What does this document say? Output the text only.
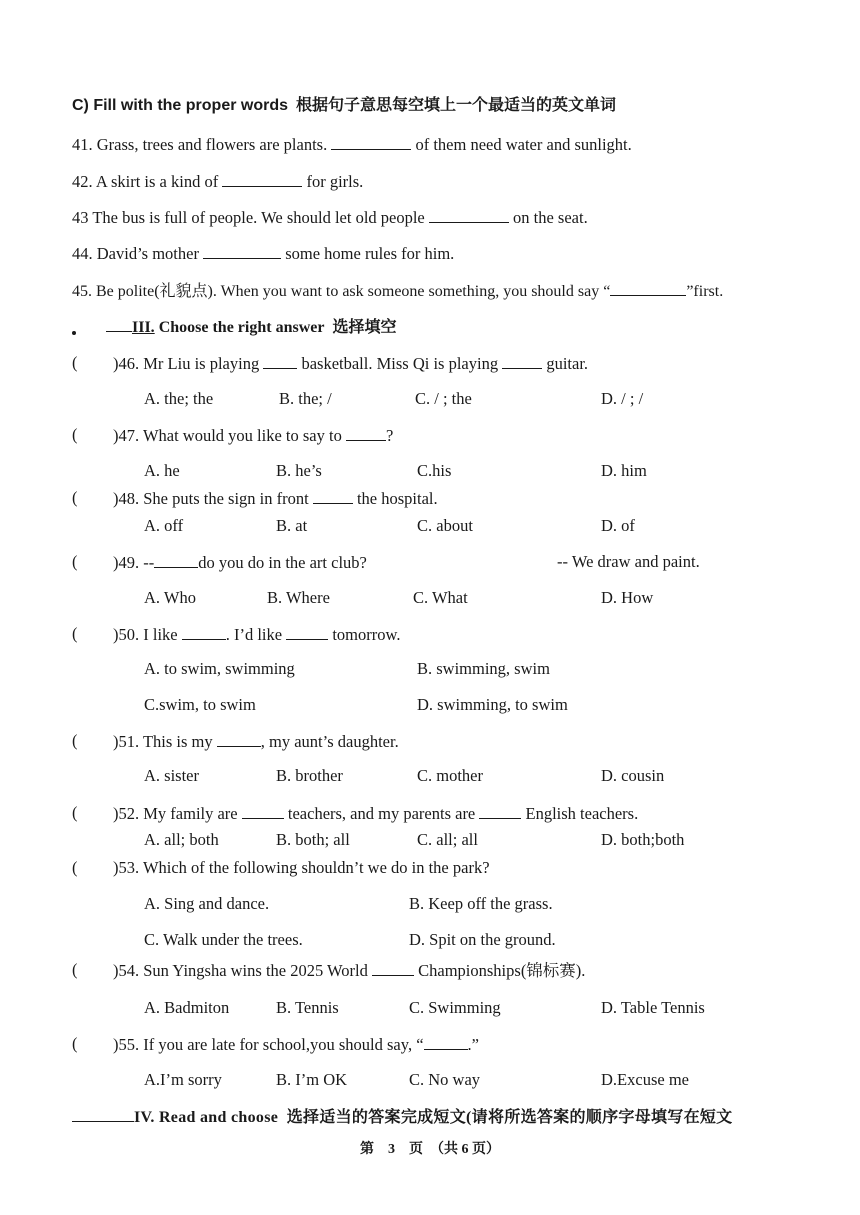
C) Fill with the proper words 根据句子意思每空填上一个最适当的英文单词
41. Grass, trees and flowers are plants.	of them need water and sunlight.
42. A skirt is a kind of	for girls.
43 The bus is full of people. We should let old people	on the seat.
44. David’s mother	some home rules for him.
45. Be polite(礼貌点). When you want to ask someone something, you should say “	”first.
III. Choose the right answer 选择填空
( )46. Mr Liu is playing	basketball. Miss Qi is playing	guitar.
A. the; the	B. the; /	C. / ; the	D. / ; /
( )47. What would you like to say to	?
A. he	B. he’s	C.his	D. him
( )48. She puts the sign in front	the hospital.
A. off	B. at	C. about	D. of
( )49. --	do you do in the art club?	-- We draw and paint.
A. Who	B. Where	C. What	D. How
( )50. I like	. I’d like	tomorrow.
A. to swim, swimming	B. swimming, swim
C.swim, to swim	D. swimming, to swim
( )51. This is my	, my aunt’s daughter.
A. sister	B. brother	C. mother	D. cousin
( )52. My family are	teachers, and my parents are	English teachers.
A. all; both	B. both; all	C. all; all	D. both;both
( )53. Which of the following shouldn’t we do in the park?
A. Sing and dance.	B. Keep off the grass.
C. Walk under the trees.	D. Spit on the ground.
( )54. Sun Yingsha wins the 2025 World	Championships(锦标赛).
A. Badmiton	B. Tennis	C. Swimming	D. Table Tennis
( )55. If you are late for school,you should say, “	.”
A.I’m sorry	B. I’m OK	C. No way	D.Excuse me
IV. Read and choose 选择适当的答案完成短文(请将所选答案的顺序字母填写在短文
第　3　页　（共 6 页）
